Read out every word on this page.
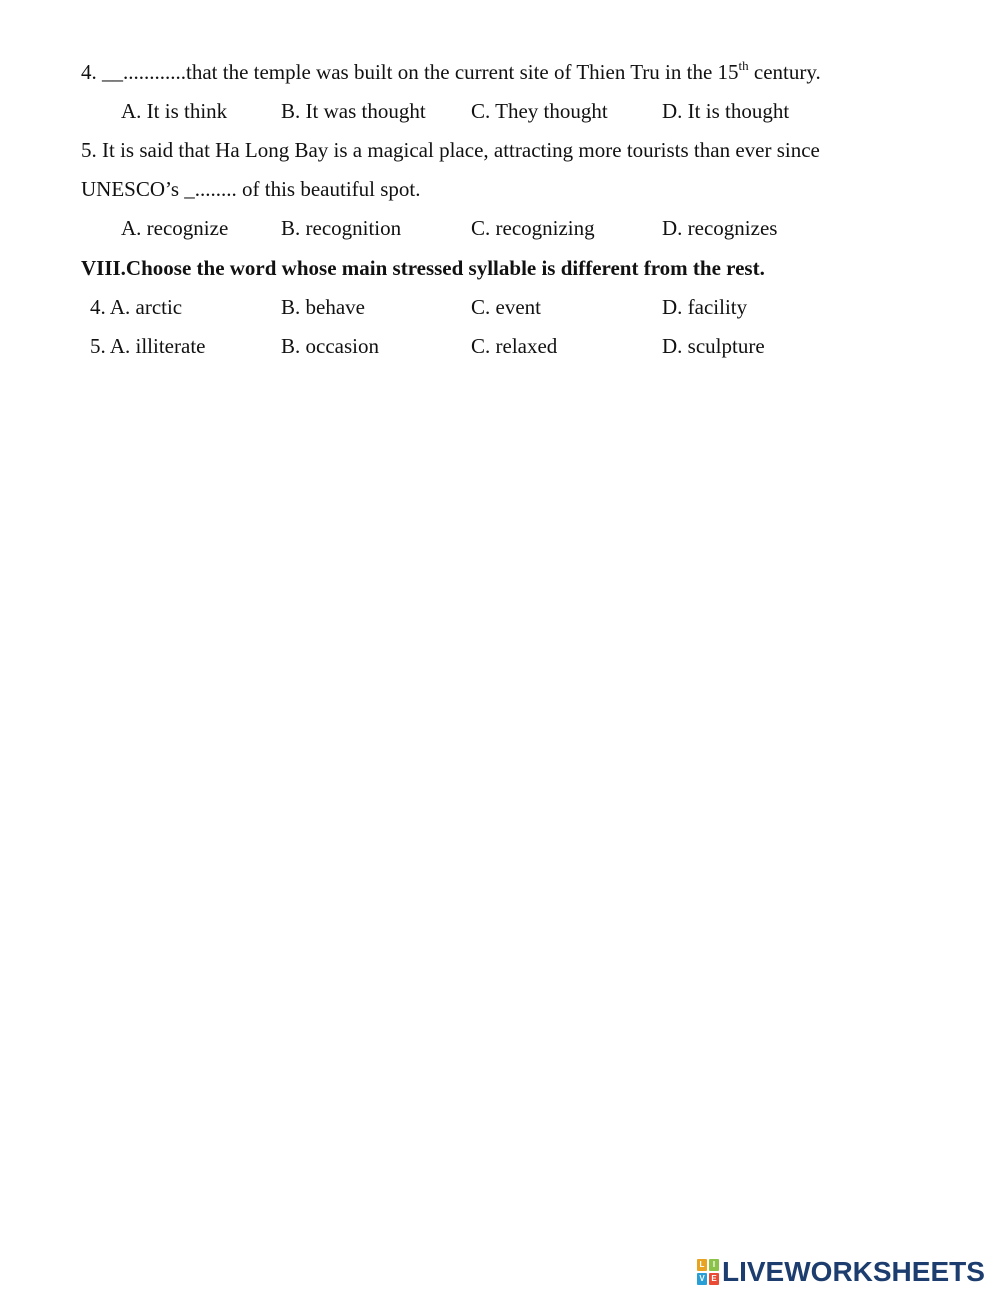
4. __............that the temple was built on the current site of Thien Tru in the 15th century.
A. It is think	B. It was thought C. They thought	D. It is thought
5. It is said that Ha Long Bay is a magical place, attracting more tourists than ever since
UNESCO’s _........ of this beautiful spot.
A. recognize	B. recognition	C. recognizing	D. recognizes
VIII.Choose the word whose main stressed syllable is different from the rest.
4. A. arctic	B. behave	C. event	D. facility
5. A. illiterate	B. occasion	C. relaxed	D. sculpture
L	I
V E LIVEWORKSHEETS
